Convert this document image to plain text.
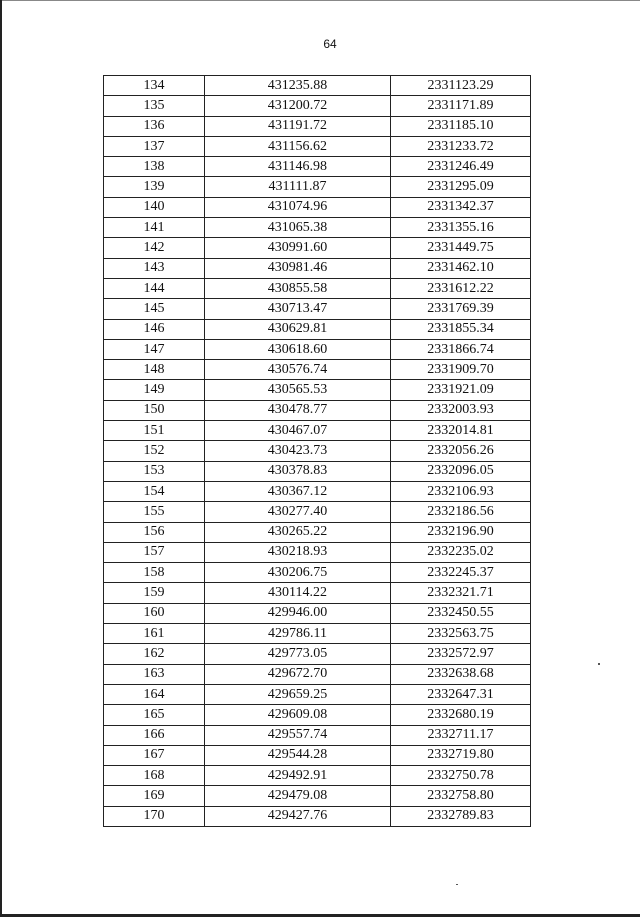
64
134	431235.88	2331123.29
135	431200.72	2331171.89
136	431191.72	2331185.10
137	431156.62	2331233.72
138	431146.98	2331246.49
139	431111.87	2331295.09
140	431074.96	2331342.37
141	431065.38	2331355.16
142	430991.60	2331449.75
143	430981.46	2331462.10
144	430855.58	2331612.22
145	430713.47	2331769.39
146	430629.81	2331855.34
147	430618.60	2331866.74
148	430576.74	2331909.70
149	430565.53	2331921.09
150	430478.77	2332003.93
151	430467.07	2332014.81
152	430423.73	2332056.26
153	430378.83	2332096.05
154	430367.12	2332106.93
155	430277.40	2332186.56
156	430265.22	2332196.90
157	430218.93	2332235.02
158	430206.75	2332245.37
159	430114.22	2332321.71
160	429946.00	2332450.55
161	429786.11	2332563.75
162	429773.05	2332572.97
163	429672.70	2332638.68
164	429659.25	2332647.31
165	429609.08	2332680.19
166	429557.74	2332711.17
167	429544.28	2332719.80
168	429492.91	2332750.78
169	429479.08	2332758.80
170	429427.76	2332789.83
